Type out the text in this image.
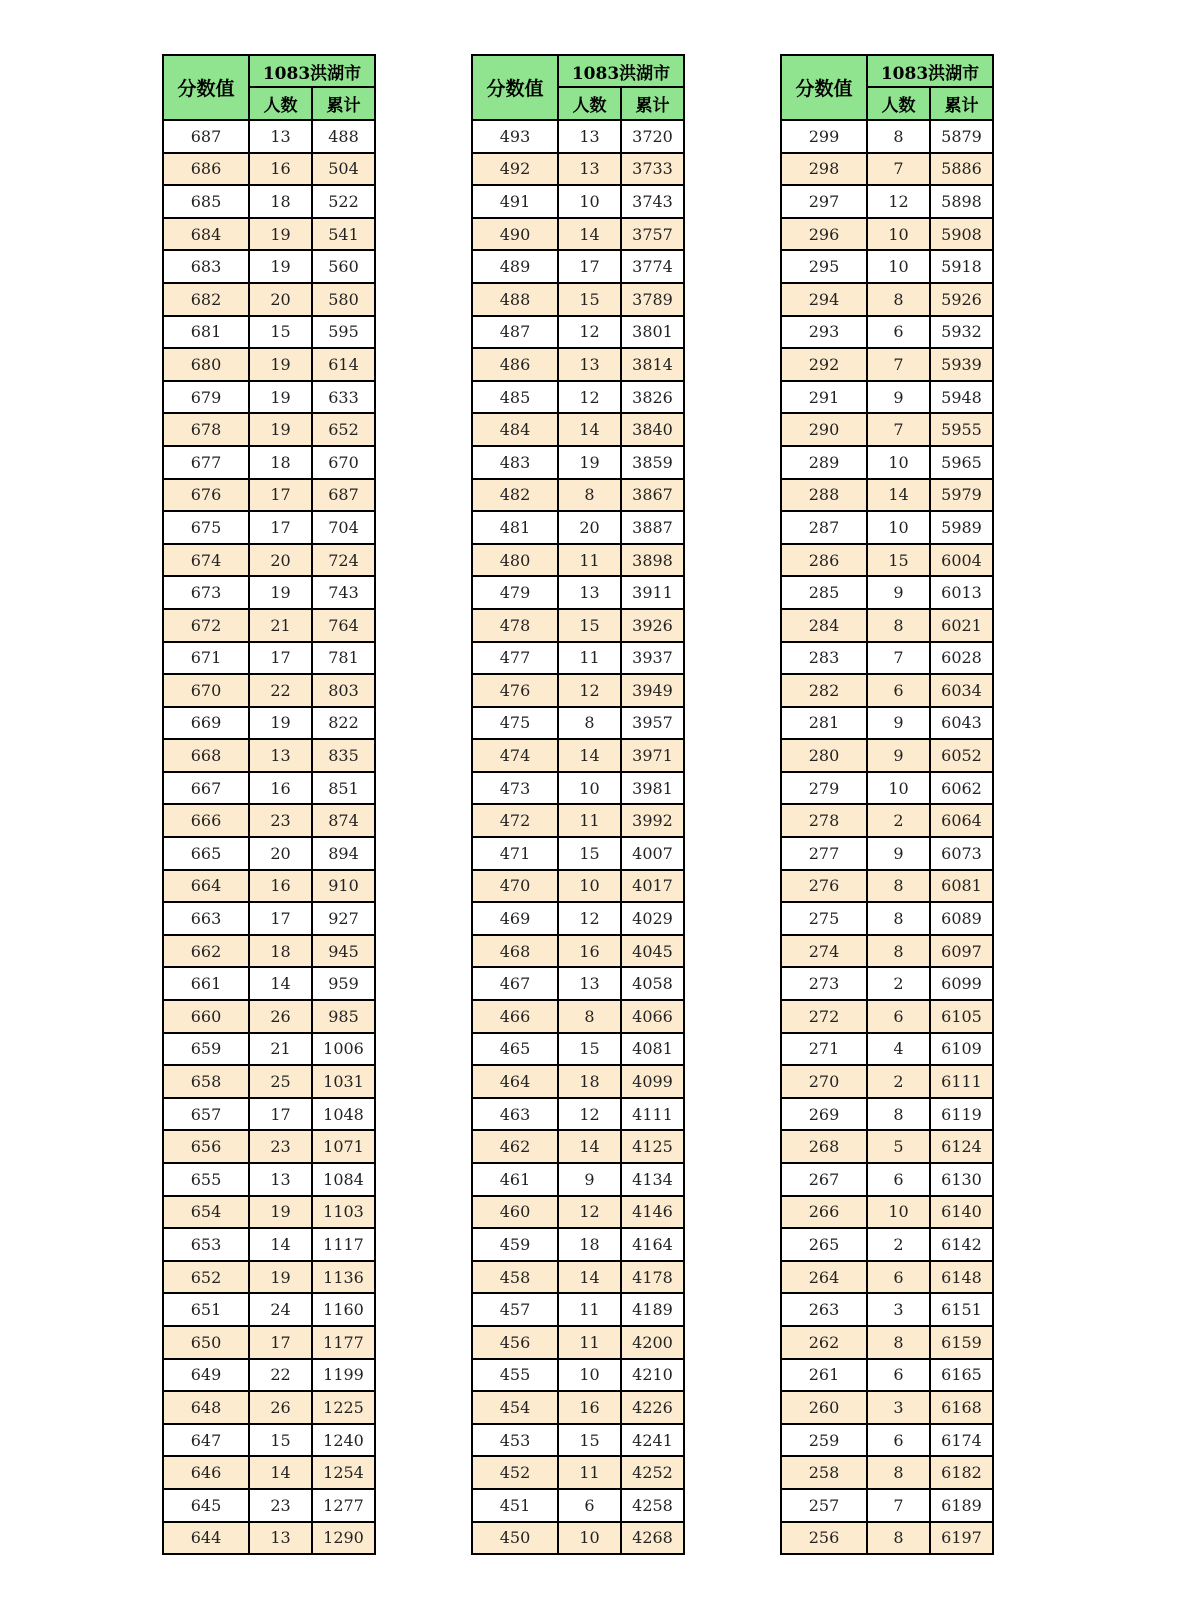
分数值	1083洪湖市	
	人数	累计
687	13	488
686	16	504
685	18	522
684	19	541
683	19	560
682	20	580
681	15	595
680	19	614
679	19	633
678	19	652
677	18	670
676	17	687
675	17	704
674	20	724
673	19	743
672	21	764
671	17	781
670	22	803
669	19	822
668	13	835
667	16	851
666	23	874
665	20	894
664	16	910
663	17	927
662	18	945
661	14	959
660	26	985
659	21	1006
658	25	1031
657	17	1048
656	23	1071
655	13	1084
654	19	1103
653	14	1117
652	19	1136
651	24	1160
650	17	1177
649	22	1199
648	26	1225
647	15	1240
646	14	1254
645	23	1277
644	13	1290
分数值	1083洪湖市	
	人数	累计
493	13	3720
492	13	3733
491	10	3743
490	14	3757
489	17	3774
488	15	3789
487	12	3801
486	13	3814
485	12	3826
484	14	3840
483	19	3859
482	8	3867
481	20	3887
480	11	3898
479	13	3911
478	15	3926
477	11	3937
476	12	3949
475	8	3957
474	14	3971
473	10	3981
472	11	3992
471	15	4007
470	10	4017
469	12	4029
468	16	4045
467	13	4058
466	8	4066
465	15	4081
464	18	4099
463	12	4111
462	14	4125
461	9	4134
460	12	4146
459	18	4164
458	14	4178
457	11	4189
456	11	4200
455	10	4210
454	16	4226
453	15	4241
452	11	4252
451	6	4258
450	10	4268
分数值	1083洪湖市	
	人数	累计
299	8	5879
298	7	5886
297	12	5898
296	10	5908
295	10	5918
294	8	5926
293	6	5932
292	7	5939
291	9	5948
290	7	5955
289	10	5965
288	14	5979
287	10	5989
286	15	6004
285	9	6013
284	8	6021
283	7	6028
282	6	6034
281	9	6043
280	9	6052
279	10	6062
278	2	6064
277	9	6073
276	8	6081
275	8	6089
274	8	6097
273	2	6099
272	6	6105
271	4	6109
270	2	6111
269	8	6119
268	5	6124
267	6	6130
266	10	6140
265	2	6142
264	6	6148
263	3	6151
262	8	6159
261	6	6165
260	3	6168
259	6	6174
258	8	6182
257	7	6189
256	8	6197
